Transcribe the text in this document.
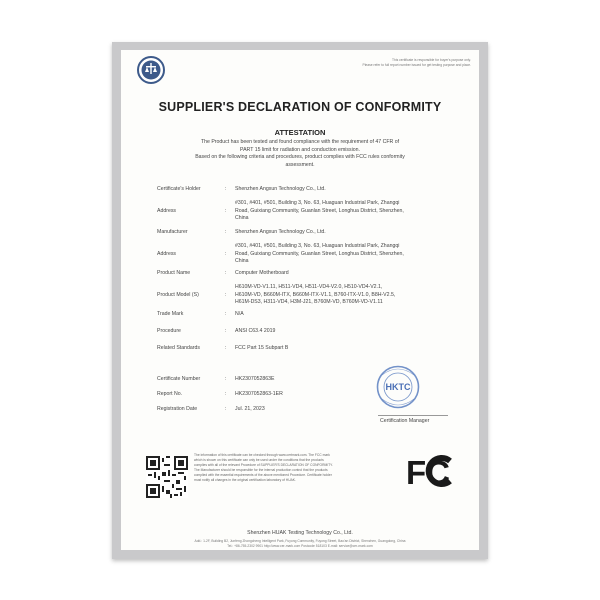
This certificate is responsible for buyer's purpose only.
Please refer to full report number issued for get testing purpose and place.
SUPPLIER'S DECLARATION OF CONFORMITY
ATTESTATION
The Product has been tested and found compliance with the requirement of 47 CFR of
PART 15 limit for radiation and conduction emission.
Based on the following criteria and procedures, product complies with FCC rules conformity
assessment.
Certificate's Holder	: Shenzhen Angxun Technology Co., Ltd.
Address	:
#301, #401, #501, Building 3, No. 63, Huaguan Industrial Park, Zhangqi
Road, Guixiang Community, Guanlan Street, Longhua District, Shenzhen,
China
Manufacturer	: Shenzhen Angxun Technology Co., Ltd.
Address	:
#301, #401, #501, Building 3, No. 63, Huaguan Industrial Park, Zhangqi
Road, Guixiang Community, Guanlan Street, Longhua District, Shenzhen,
China
Product Name	: Computer Motherboard
Product Model (S)	:
H610M-VD-V1.11, H511-VD4, H511-VD4-V2.0, H510-VD4-V2.1,
H610M-VD, B660M-ITX, B660M-ITX-V1.1, B760-ITX-V1.0, B8H-V2.5,
H61M-DS3, H311-VD4, H3M-J21, B760M-VD, B760M-VD-V1.11
Trade Mark	: N/A
Procedure	: ANSI C63.4 2019
Related Standards	: FCC Part 15 Subpart B
Certificate Number	: HK2307052863E
Report No.	: HK2307052863-1ER
Registration Date	: Jul. 21, 2023
HKTC
Certification Manager
The information of this certificate can be checked through www.certmark.com. The FCC mark
which is shown on this certificate can only be used under the conditions that the products
complies with all of the relevant Procedure of SUPPLIER'S DECLARATION OF CONFORMITY.
The Manufacturer should be responsible for the internal production control that the products
complied with the essential requirements of the above mentioned Procedure. Certificate holder
must notify all changes in the original certification laboratory of HUAK.	FC
Shenzhen HUAK Testing Technology Co., Ltd.
Add.: 1-2F, Building B2, Junfeng Zhongcheng Intelligent Park, Fuyong Community, Fuyong Street, Bao'an District, Shenzhen, Guangdong, China
Tel.: +86-755-2302 9901 http://www.cer-mark.com Postcode 518103 E-mail: service@cer-mark.com
